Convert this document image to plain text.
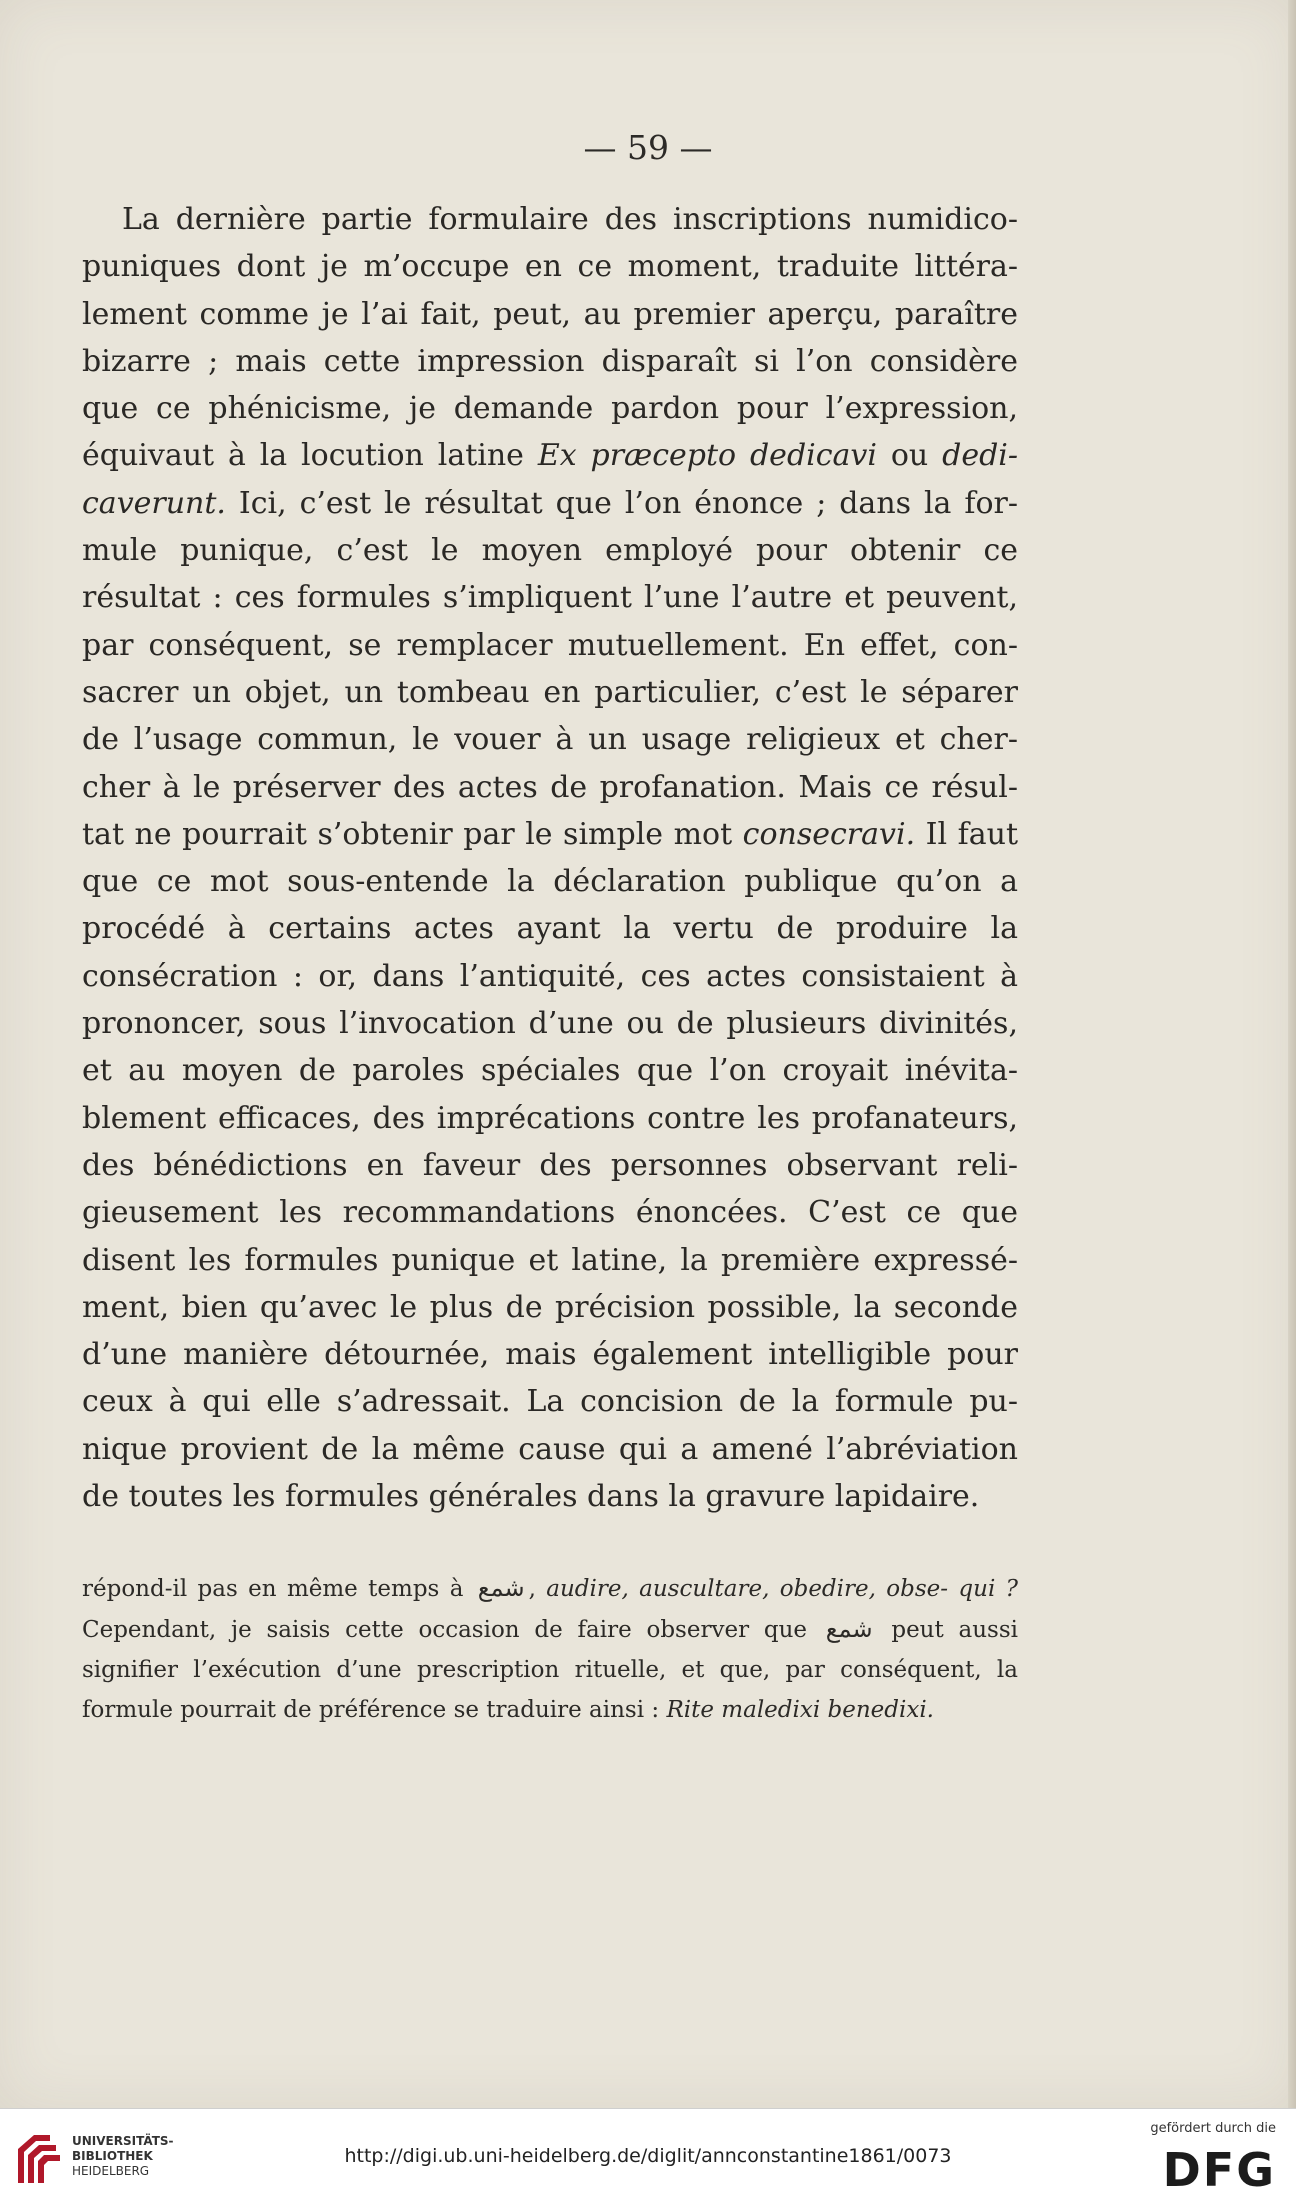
— 59 —

La dernière partie formulaire des inscriptions numidico- puniques dont je m’occupe en ce moment, traduite littéra- lement comme je l’ai fait, peut, au premier aperçu, paraître bizarre ; mais cette impression disparaît si l’on considère que ce phénicisme, je demande pardon pour l’expression, équivaut à la locution latine Ex præcepto dedicavi ou dedi- caverunt. Ici, c’est le résultat que l’on énonce ; dans la for- mule punique, c’est le moyen employé pour obtenir ce résultat : ces formules s’impliquent l’une l’autre et peuvent, par conséquent, se remplacer mutuellement. En effet, con- sacrer un objet, un tombeau en particulier, c’est le séparer de l’usage commun, le vouer à un usage religieux et cher- cher à le préserver des actes de profanation. Mais ce résul- tat ne pourrait s’obtenir par le simple mot consecravi. Il faut que ce mot sous-entende la déclaration publique qu’on a procédé à certains actes ayant la vertu de produire la consécration : or, dans l’antiquité, ces actes consistaient à prononcer, sous l’invocation d’une ou de plusieurs divinités, et au moyen de paroles spéciales que l’on croyait inévita- blement efficaces, des imprécations contre les profanateurs, des bénédictions en faveur des personnes observant reli- gieusement les recommandations énoncées. C’est ce que disent les formules punique et latine, la première expressé- ment, bien qu’avec le plus de précision possible, la seconde d’une manière détournée, mais également intelligible pour ceux à qui elle s’adressait. La concision de la formule pu- nique provient de la même cause qui a amené l’abréviation de toutes les formules générales dans la gravure lapidaire.

répond-il pas en même temps à شمع , audire, auscultare, obedire, obse- qui ? Cependant, je saisis cette occasion de faire observer que شمع peut aussi signifier l’exécution d’une prescription rituelle, et que, par conséquent, la formule pourrait de préférence se traduire ainsi : Rite maledixi benedixi.

UNIVERSITÄTS-
BIBLIOTHEK
HEIDELBERG
http://digi.ub.uni-heidelberg.de/diglit/annconstantine1861/0073
gefördert durch die
DFG
